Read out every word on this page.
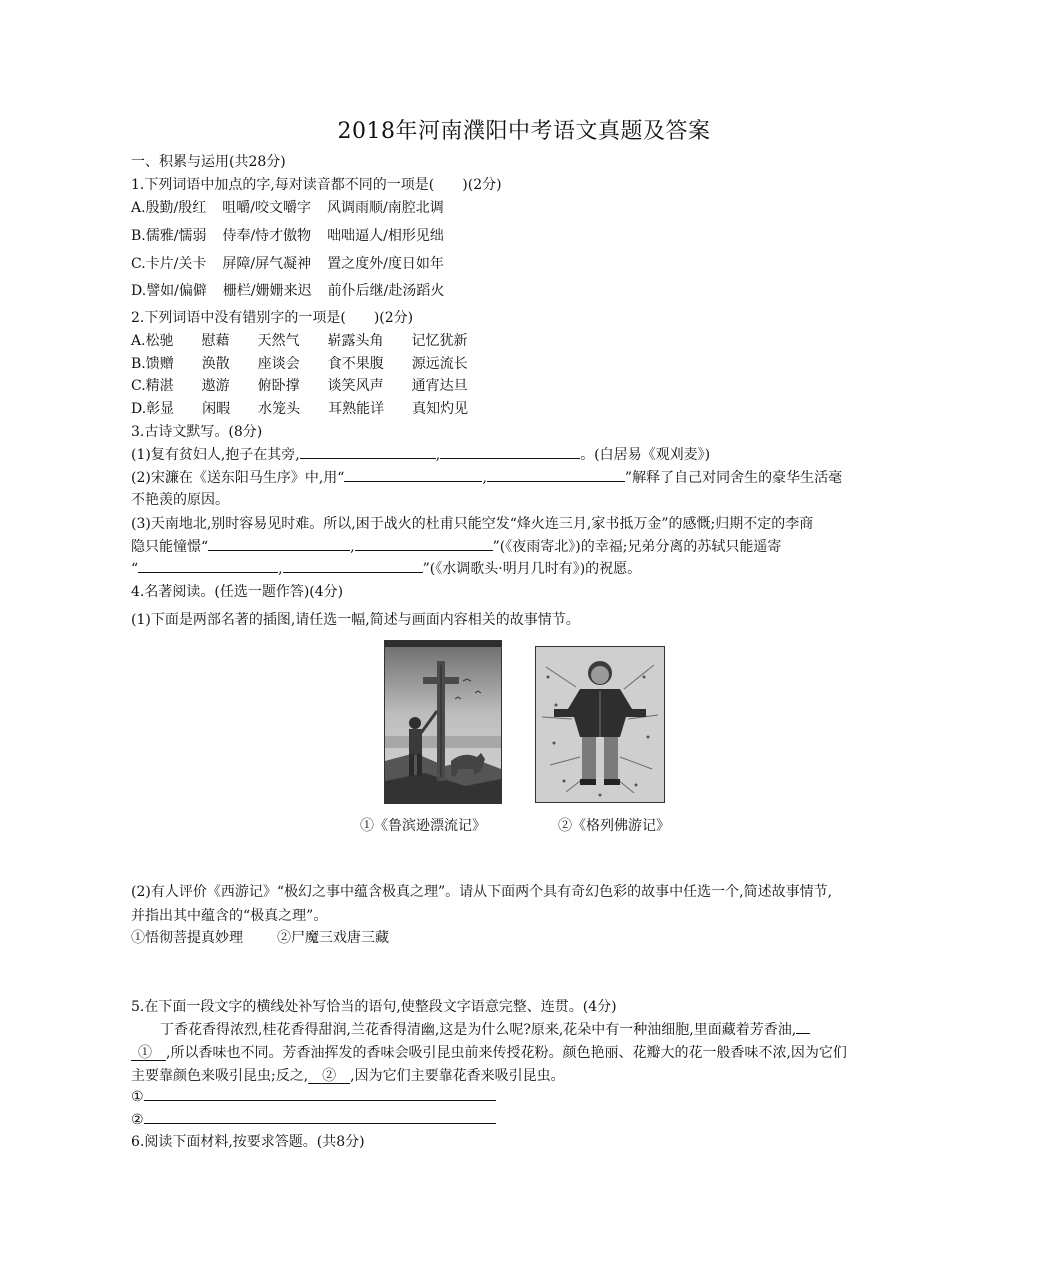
2018年河南濮阳中考语文真题及答案
一、积累与运用(共28分)
1.下列词语中加点的字,每对读音都不同的一项是(　　)(2分)
A.殷勤/殷红 咀嚼/咬文嚼字 风调雨顺/南腔北调
B.儒雅/懦弱 侍奉/恃才傲物 咄咄逼人/相形见绌
C.卡片/关卡 屏障/屏气凝神 置之度外/度日如年
D.譬如/偏僻 栅栏/姗姗来迟 前仆后继/赴汤蹈火
2.下列词语中没有错别字的一项是(　　)(2分)
A.松驰　　慰藉　　天然气　　崭露头角　　记忆犹新
B.馈赠　　涣散　　座谈会　　食不果腹　　源远流长
C.精湛　　遨游　　俯卧撑　　谈笑风声　　通宵达旦
D.彰显　　闲暇　　水笼头　　耳熟能详　　真知灼见
3.古诗文默写。(8分)
(1)复有贫妇人,抱子在其旁,	,	。(白居易《观刈麦》)
(2)宋濂在《送东阳马生序》中,用“	,	”解释了自己对同舍生的豪华生活毫
不艳羡的原因。
(3)天南地北,别时容易见时难。所以,困于战火的杜甫只能空发“烽火连三月,家书抵万金”的感慨;归期不定的李商
隐只能憧憬“	,	”(《夜雨寄北》)的幸福;兄弟分离的苏轼只能遥寄
“	,	”(《水调歌头·明月几时有》)的祝愿。
4.名著阅读。(任选一题作答)(4分)
(1)下面是两部名著的插图,请任选一幅,简述与画面内容相关的故事情节。
①《鲁滨逊漂流记》	②《格列佛游记》
(2)有人评价《西游记》“极幻之事中蕴含极真之理”。请从下面两个具有奇幻色彩的故事中任选一个,简述故事情节,
并指出其中蕴含的“极真之理”。
①悟彻菩提真妙理 ②尸魔三戏唐三藏
5.在下面一段文字的横线处补写恰当的语句,使整段文字语意完整、连贯。(4分)
丁香花香得浓烈,桂花香得甜润,兰花香得清幽,这是为什么呢?原来,花朵中有一种油细胞,里面藏着芳香油,
 ①   ,所以香味也不同。芳香油挥发的香味会吸引昆虫前来传授花粉。颜色艳丽、花瓣大的花一般香味不浓,因为它们
主要靠颜色来吸引昆虫;反之,   ②   ,因为它们主要靠花香来吸引昆虫。
①
②
6.阅读下面材料,按要求答题。(共8分)
